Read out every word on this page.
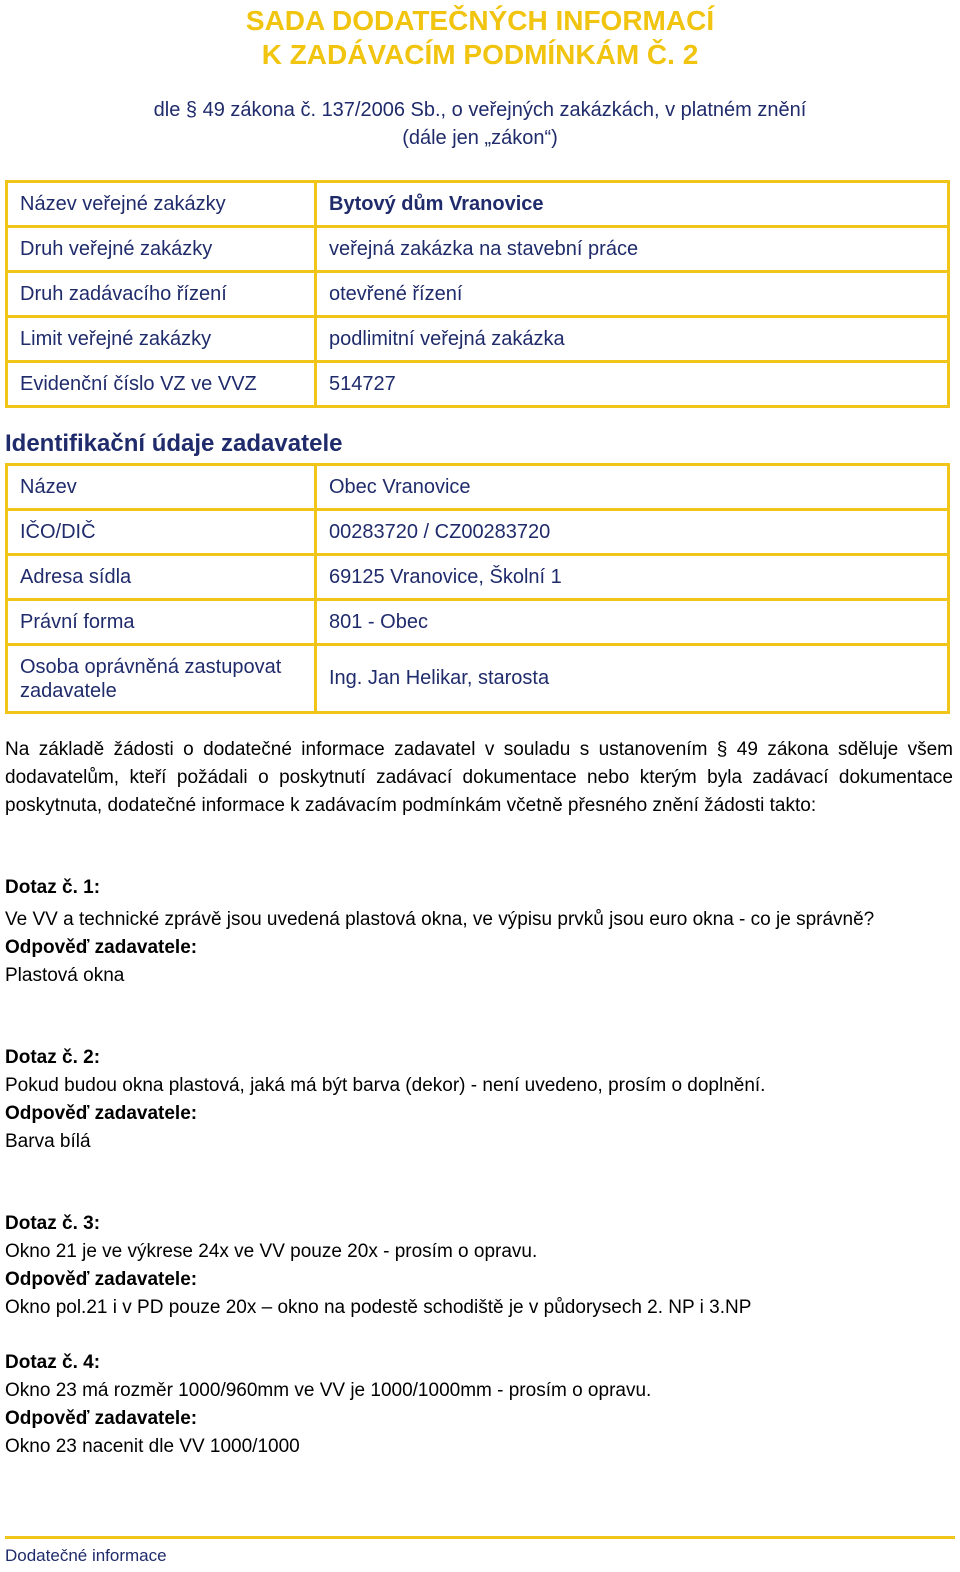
SADA DODATEČNÝCH INFORMACÍ
K ZADÁVACÍM PODMÍNKÁM Č. 2
dle § 49 zákona č. 137/2006 Sb., o veřejných zakázkách, v platném znění
(dále jen „zákon“)
Název veřejné zakázky	Bytový dům Vranovice
Druh veřejné zakázky	veřejná zakázka na stavební práce
Druh zadávacího řízení	otevřené řízení
Limit veřejné zakázky	podlimitní veřejná zakázka
Evidenční číslo VZ ve VVZ	514727
Identifikační údaje zadavatele
Název	Obec Vranovice
IČO/DIČ	00283720 / CZ00283720
Adresa sídla	69125 Vranovice, Školní 1
Právní forma	801 - Obec
Osoba oprávněná zastupovat zadavatele	Ing. Jan Helikar, starosta
Na základě žádosti o dodatečné informace zadavatel v souladu s ustanovením § 49 zákona sděluje všem dodavatelům, kteří požádali o poskytnutí zadávací dokumentace nebo kterým byla zadávací dokumentace poskytnuta, dodatečné informace k zadávacím podmínkám včetně přesného znění žádosti takto:
Dotaz č. 1:
Ve VV a technické zprávě jsou uvedená plastová okna, ve výpisu prvků jsou euro okna - co je správně?
Odpověď zadavatele:
Plastová okna
Dotaz č. 2:
Pokud budou okna plastová, jaká má být barva (dekor) - není uvedeno, prosím o doplnění.
Odpověď zadavatele:
Barva bílá
Dotaz č. 3:
Okno 21 je ve výkrese 24x ve VV pouze 20x - prosím o opravu.
Odpověď zadavatele:
Okno pol.21 i v PD pouze 20x – okno na podestě schodiště je v půdorysech 2. NP i 3.NP
Dotaz č. 4:
Okno 23 má rozměr 1000/960mm ve VV je 1000/1000mm - prosím o opravu.
Odpověď zadavatele:
Okno 23 nacenit dle VV 1000/1000
Dodatečné informace
